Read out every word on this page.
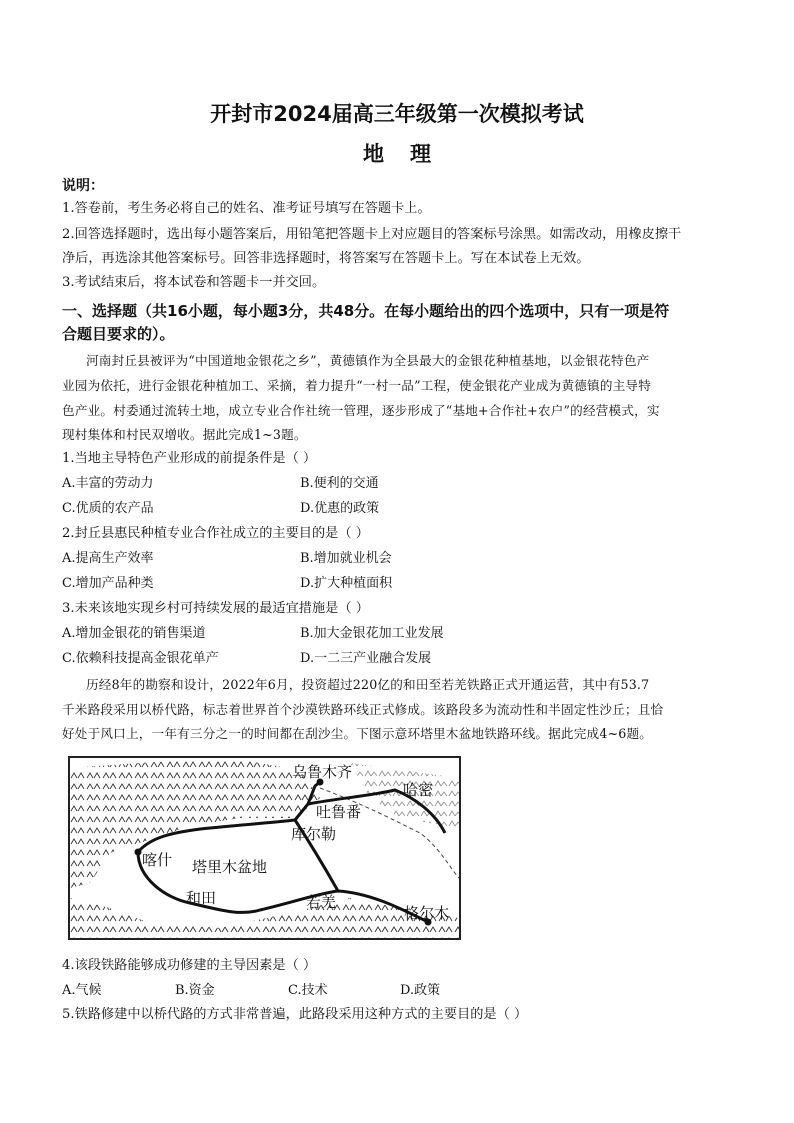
开封市2024届高三年级第一次模拟考试
地理
说明：
1.答卷前，考生务必将自己的姓名、准考证号填写在答题卡上。
2.回答选择题时，选出每小题答案后，用铅笔把答题卡上对应题目的答案标号涂黑。如需改动，用橡皮擦干
净后，再选涂其他答案标号。回答非选择题时，将答案写在答题卡上。写在本试卷上无效。
3.考试结束后，将本试卷和答题卡一并交回。
一、选择题（共16小题，每小题3分，共48分。在每小题给出的四个选项中，只有一项是符
合题目要求的）。
河南封丘县被评为“中国道地金银花之乡”，黄德镇作为全县最大的金银花种植基地，以金银花特色产
业园为依托，进行金银花种植加工、采摘，着力提升“一村一品”工程，使金银花产业成为黄德镇的主导特
色产业。村委通过流转土地，成立专业合作社统一管理，逐步形成了“基地+合作社+农户”的经营模式，实
现村集体和村民双增收。据此完成1~3题。
1.当地主导特色产业形成的前提条件是（ ）
A.丰富的劳动力	B.便利的交通
C.优质的农产品	D.优惠的政策
2.封丘县惠民种植专业合作社成立的主要目的是（ ）
A.提高生产效率	B.增加就业机会
C.增加产品种类	D.扩大种植面积
3.未来该地实现乡村可持续发展的最适宜措施是（ ）
A.增加金银花的销售渠道	B.加大金银花加工业发展
C.依赖科技提高金银花单产	D.一二三产业融合发展
历经8年的勘察和设计，2022年6月，投资超过220亿的和田至若羌铁路正式开通运营，其中有53.7
千米路段采用以桥代路，标志着世界首个沙漠铁路环线正式修成。该路段多为流动性和半固定性沙丘；且恰
好处于风口上，一年有三分之一的时间都在刮沙尘。下图示意环塔里木盆地铁路环线。据此完成4~6题。
乌鲁木齐
哈密
吐鲁番
库尔勒
喀什 塔里木盆地
和田	若羌
格尔木
4.该段铁路能够成功修建的主导因素是（ ）
A.气候	B.资金	C.技术	D.政策
5.铁路修建中以桥代路的方式非常普遍，此路段采用这种方式的主要目的是（ ）
